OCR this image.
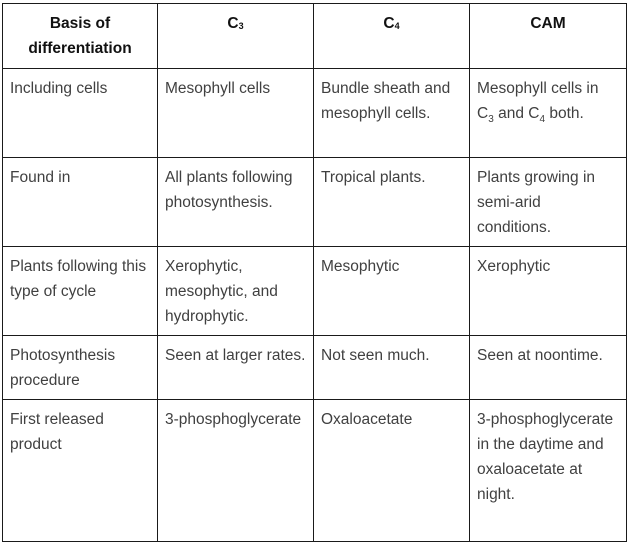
Basis of differentiation	C3	C4	CAM
Including cells	Mesophyll cells	Bundle sheath and mesophyll cells.	Mesophyll cells in $C_3$ and $C_4$ both.
Found in	All plants following photosynthesis.	Tropical plants.	Plants growing in semi-arid conditions.
Plants following this type of cycle	Xerophytic, mesophytic, and hydrophytic.	Mesophytic	Xerophytic
Photosynthesis procedure	Seen at larger rates.	Not seen much.	Seen at noontime.
First released product	3-phosphoglycerate	Oxaloacetate	3-phosphoglycerate in the daytime and oxaloacetate at night.
